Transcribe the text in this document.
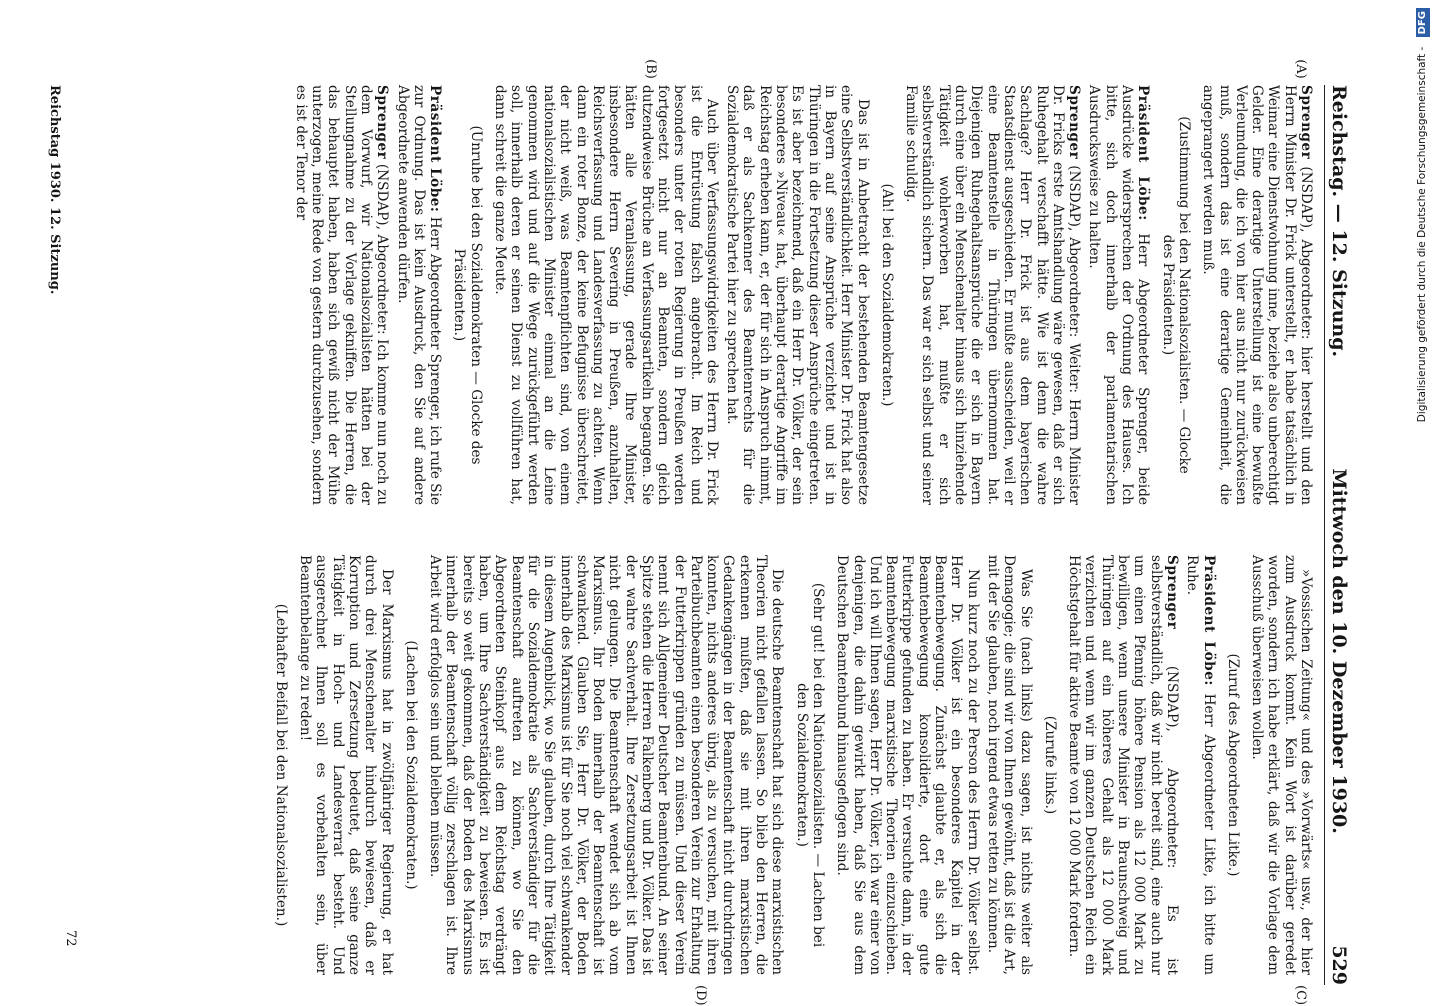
Reichstag. — 12. Sitzung.
Mittwoch den 10. Dezember 1930.
529
(A)
(B)
(C)
(D)

Sprenger (NSDAP), Abgeordneter: hier herstellt und den Herrn Minister Dr. Frick unterstellt, er habe tatsächlich in Weimar eine Dienstwohnung inne, beziehe also unberechtigt Gelder. Eine derartige Unterstellung ist eine bewußte Verleumdung, die ich von hier aus nicht nur zurückweisen muß, sondern das ist eine derartige Gemeinheit, die angeprangert werden muß.

(Zustimmung bei den Nationalsozialisten. — Glocke des Präsidenten.)

Präsident Löbe: Herr Abgeordneter Sprenger, beide Ausdrücke widersprechen der Ordnung des Hauses. Ich bitte, sich doch innerhalb der parlamentarischen Ausdrucksweise zu halten.

Sprenger (NSDAP), Abgeordneter: Weiter: Herrn Minister Dr. Fricks erste Amtshandlung wäre gewesen, daß er sich Ruhegehalt verschafft hätte. Wie ist denn die wahre Sachlage? Herr Dr. Frick ist aus dem bayerischen Staatsdienst ausgeschieden. Er mußte ausscheiden, weil er eine Beamtenstelle in Thüringen übernommen hat. Diejenigen Ruhegehaltsansprüche die er sich in Bayern durch eine über ein Menschenalter hinaus sich hinziehende Tätigkeit wohlerworben hat, mußte er sich selbstverständlich sichern. Das war er sich selbst und seiner Familie schuldig.

(Ah! bei den Sozialdemokraten.)

Das ist in Anbetracht der bestehenden Beamtengesetze eine Selbstverständlichkeit. Herr Minister Dr. Frick hat also in Bayern auf seine Ansprüche verzichtet und ist in Thüringen in die Fortsetzung dieser Ansprüche eingetreten. Es ist aber bezeichnend, daß ein Herr Dr. Völker, der sein besonderes »Niveau« hat, überhaupt derartige Angriffe im Reichstag erheben kann, er, der für sich in Anspruch nimmt, daß er als Sachkenner des Beamtenrechts für die Sozialdemokratische Partei hier zu sprechen hat.

Auch über Verfassungswidrigkeiten des Herrn Dr. Frick ist die Entrüstung falsch angebracht. Im Reich und besonders unter der roten Regierung in Preußen werden fortgesetzt nicht nur an Beamten, sondern gleich dutzendweise Brüche an Verfassungsartikeln begangen. Sie hätten alle Veranlassung, gerade Ihre Minister, insbesondere Herrn Severing in Preußen, anzuhalten, Reichsverfassung und Landesverfassung zu achten. Wenn dann ein roter Bonze, der keine Befugnisse überschreitet, der nicht weiß, was Beamtenpflichten sind, von einem nationalsozialistischen Minister einmal an die Leine genommen wird und auf die Wege zurückgeführt werden soll, innerhalb deren er seinen Dienst zu vollführen hat, dann schreit die ganze Meute.

(Unruhe bei den Sozialdemokraten — Glocke des Präsidenten.)

Präsident Löbe: Herr Abgeordneter Sprenger, ich rufe Sie zur Ordnung. Das ist kein Ausdruck, den Sie auf andere Abgeordnete anwenden dürfen.

Sprenger (NSDAP), Abgeordneter: Ich komme nun noch zu dem Vorwurf, wir Nationalsozialisten hätten bei der Stellungnahme zu der Vorlage gekniffen. Die Herren, die das behauptet haben, haben sich gewiß nicht der Mühe unterzogen, meine Rede von gestern durchzusehen, sondern es ist der Tenor der

»Vossischen Zeitung« und des »Vorwärts« usw., der hier zum Ausdruck kommt. Kein Wort ist darüber geredet worden, sondern ich habe erklärt, daß wir die Vorlage dem Ausschuß überweisen wollen.

(Zuruf des Abgeordneten Litke.)

Präsident Löbe: Herr Abgeordneter Litke, ich bitte um Ruhe.

Sprenger (NSDAP), Abgeordneter: Es ist selbstverständlich, daß wir nicht bereit sind, eine auch nur um einen Pfennig höhere Pension als 12 000 Mark zu bewilligen, wenn unsere Minister in Braunschweig und Thüringen auf ein höheres Gehalt als 12 000 Mark verzichten und wenn wir im ganzen Deutschen Reich ein Höchstgehalt für aktive Beamte von 12 000 Mark fordern.

(Zurufe links.)

Was Sie (nach links) dazu sagen, ist nichts weiter als Demagogie; die sind wir von Ihnen gewöhnt, daß ist die Art, mit der Sie glauben, noch irgend etwas retten zu können.

Nun kurz noch zu der Person des Herrn Dr. Völker selbst. Herr Dr. Völker ist ein besonderes Kapitel in der Beamtenbewegung. Zunächst glaubte er, als sich die Beamtenbewegung konsolidierte, dort eine gute Futterkrippe gefunden zu haben. Er versuchte dann, in der Beamtenbewegung marxistische Theorien einzuschieben. Und ich will Ihnen sagen, Herr Dr. Völker, ich war einer von denjenigen, die dahin gewirkt haben, daß Sie aus dem Deutschen Beamtenbund hinausgeflogen sind.

(Sehr gut! bei den Nationalsozialisten. — Lachen bei den Sozialdemokraten.)

Die deutsche Beamtenschaft hat sich diese marxistischen Theorien nicht gefallen lassen. So blieb den Herren, die erkennen mußten, daß sie mit ihren marxistischen Gedankengängen in der Beamtenschaft nicht durchdringen konnten, nichts anderes übrig, als zu versuchen, mit ihren Parteibuchbeamten einen besonderen Verein zur Erhaltung der Futterkrippen gründen zu müssen. Und dieser Verein nennt sich Allgemeiner Deutscher Beamtenbund. An seiner Spitze stehen die Herren Falkenberg und Dr. Völker. Das ist der wahre Sachverhalt. Ihre Zersetzungsarbeit ist Ihnen nicht gelungen. Die Beamtenschaft wendet sich ab vom Marxismus. Ihr Boden innerhalb der Beamtenschaft ist schwankend. Glauben Sie, Herr Dr. Völker, der Boden innerhalb des Marxismus ist für Sie noch viel schwankender in diesem Augenblick, wo Sie glauben, durch Ihre Tätigkeit für die Sozialdemokratie als Sachverständiger für die Beamtenschaft auftreten zu können, wo Sie den Abgeordneten Steinkopf aus dem Reichstag verdrängt haben, um Ihre Sachverständigkeit zu beweisen. Es ist bereits so weit gekommen, daß der Boden des Marxismus innerhalb der Beamtenschaft völlig zerschlagen ist. Ihre Arbeit wird erfolglos sein und bleiben müssen.

(Lachen bei den Sozialdemokraten.)

Der Marxismus hat in zwölfjähriger Regierung, er hat durch drei Menschenalter hindurch bewiesen, daß er Korruption und Zersetzung bedeutet, daß seine ganze Tätigkeit in Hoch- und Landesverrat besteht. Und ausgerechnet Ihnen soll es vorbehalten sein, über Beamtenbelange zu reden!

(Lebhafter Beifall bei den Nationalsozialisten.)

Reichstag 1930. 12. Sitzung.
72
Digitalisierung gefördert durch die Deutsche Forschungsgemeinschaft - DFG
